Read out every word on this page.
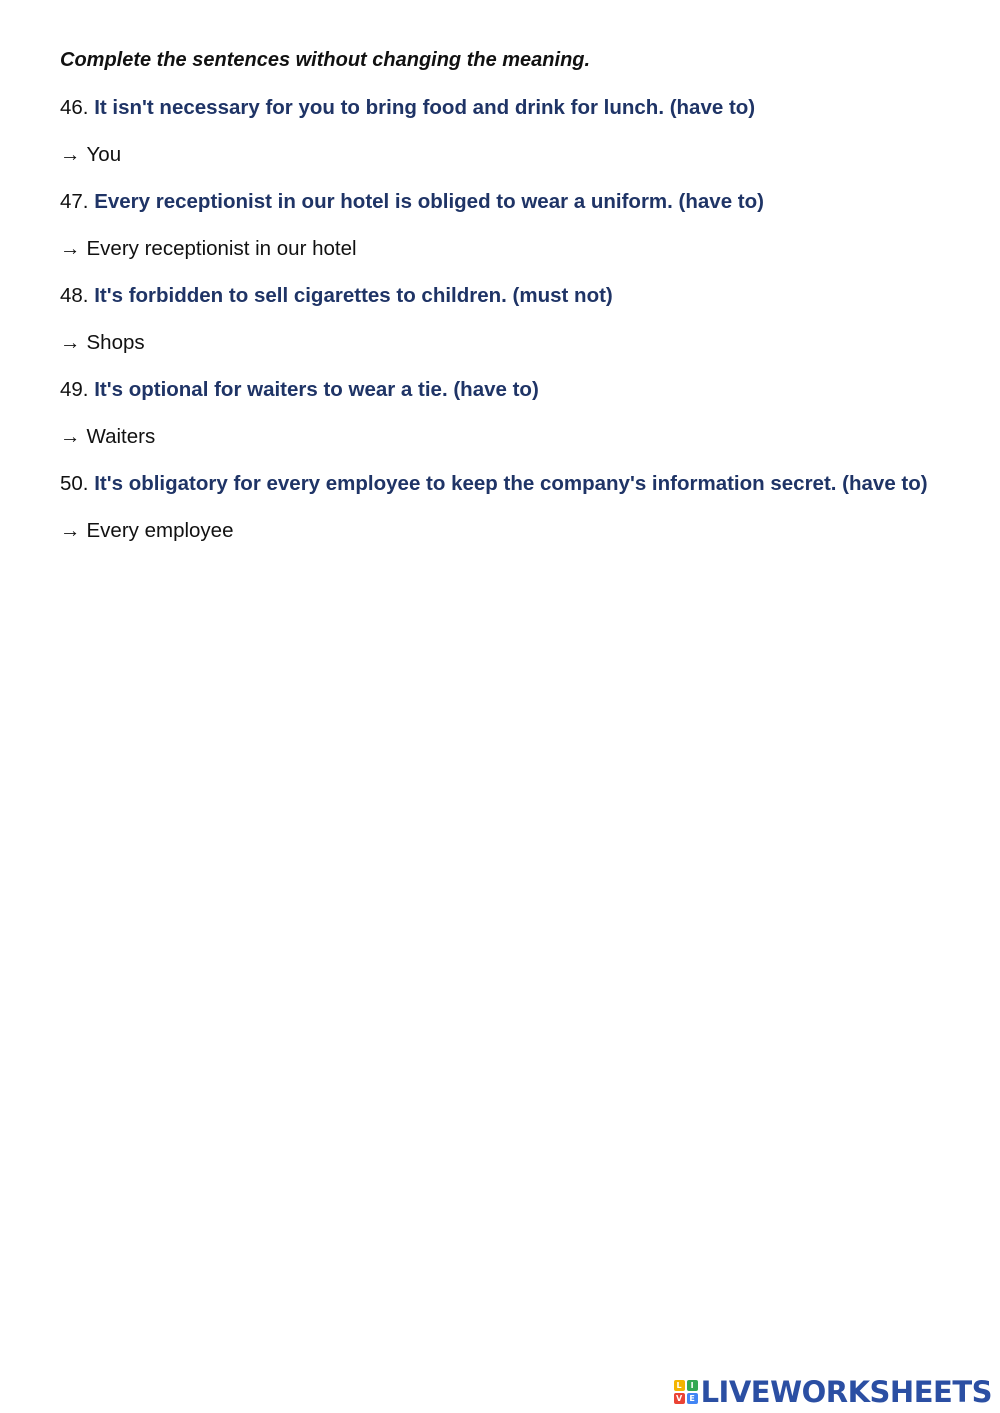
Complete the sentences without changing the meaning.

46. It isn't necessary for you to bring food and drink for lunch. (have to)

→ You

47. Every receptionist in our hotel is obliged to wear a uniform. (have to)

→ Every receptionist in our hotel

48. It's forbidden to sell cigarettes to children. (must not)

→ Shops

49. It's optional for waiters to wear a tie. (have to)

→ Waiters

50. It's obligatory for every employee to keep the company's information secret. (have to)

→ Every employee
L	I
V E LIVEWORKSHEETS
